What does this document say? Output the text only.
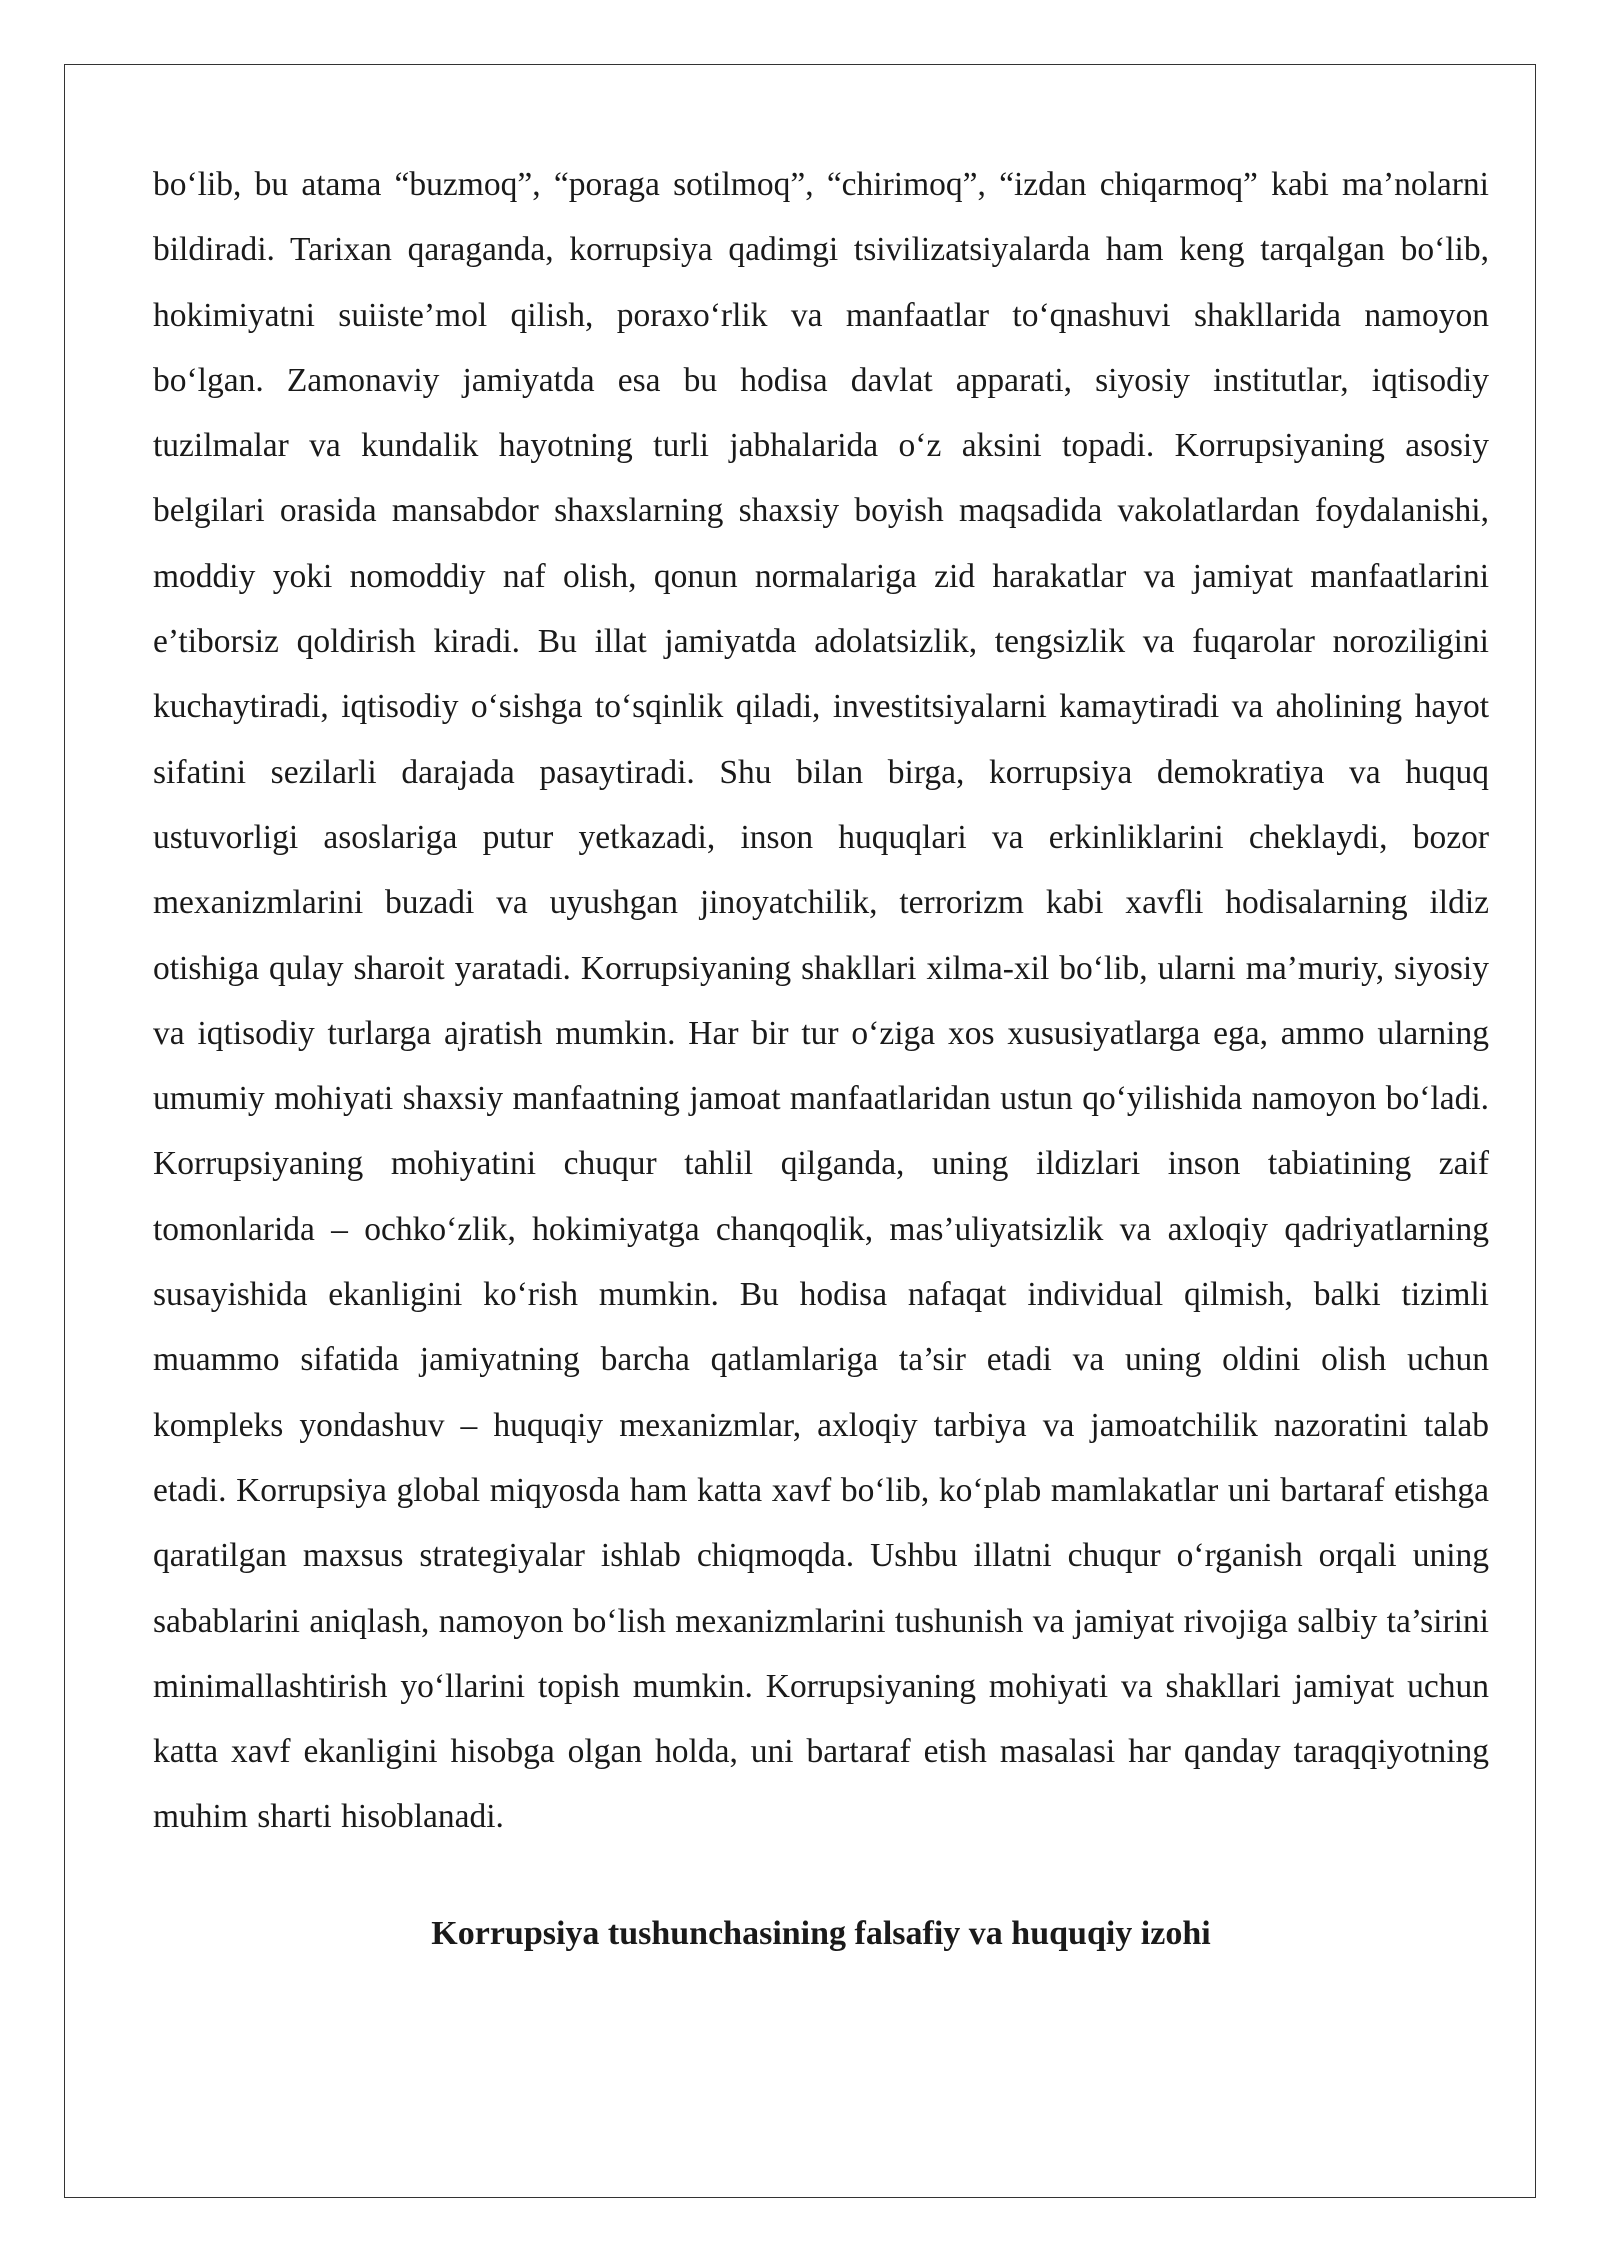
bo‘lib, bu atama “buzmoq”, “poraga sotilmoq”, “chirimoq”, “izdan chiqarmoq” kabi ma’nolarni bildiradi. Tarixan qaraganda, korrupsiya qadimgi tsivilizatsiyalarda ham keng tarqalgan bo‘lib, hokimiyatni suiiste’mol qilish, poraxo‘rlik va manfaatlar to‘qnashuvi shakllarida namoyon bo‘lgan. Zamonaviy jamiyatda esa bu hodisa davlat apparati, siyosiy institutlar, iqtisodiy tuzilmalar va kundalik hayotning turli jabhalarida o‘z aksini topadi. Korrupsiyaning asosiy belgilari orasida mansabdor shaxslarning shaxsiy boyish maqsadida vakolatlardan foydalanishi, moddiy yoki nomoddiy naf olish, qonun normalariga zid harakatlar va jamiyat manfaatlarini e’tiborsiz qoldirish kiradi. Bu illat jamiyatda adolatsizlik, tengsizlik va fuqarolar noroziligini kuchaytiradi, iqtisodiy o‘sishga to‘sqinlik qiladi, investitsiyalarni kamaytiradi va aholining hayot sifatini sezilarli darajada pasaytiradi. Shu bilan birga, korrupsiya demokratiya va huquq ustuvorligi asoslariga putur yetkazadi, inson huquqlari va erkinliklarini cheklaydi, bozor mexanizmlarini buzadi va uyushgan jinoyatchilik, terrorizm kabi xavfli hodisalarning ildiz otishiga qulay sharoit yaratadi. Korrupsiyaning shakllari xilma-xil bo‘lib, ularni ma’muriy, siyosiy va iqtisodiy turlarga ajratish mumkin. Har bir tur o‘ziga xos xususiyatlarga ega, ammo ularning umumiy mohiyati shaxsiy manfaatning jamoat manfaatlaridan ustun qo‘yilishida namoyon bo‘ladi. Korrupsiyaning mohiyatini chuqur tahlil qilganda, uning ildizlari inson tabiatining zaif tomonlarida – ochko‘zlik, hokimiyatga chanqoqlik, mas’uliyatsizlik va axloqiy qadriyatlarning susayishida ekanligini ko‘rish mumkin. Bu hodisa nafaqat individual qilmish, balki tizimli muammo sifatida jamiyatning barcha qatlamlariga ta’sir etadi va uning oldini olish uchun kompleks yondashuv – huquqiy mexanizmlar, axloqiy tarbiya va jamoatchilik nazoratini talab etadi. Korrupsiya global miqyosda ham katta xavf bo‘lib, ko‘plab mamlakatlar uni bartaraf etishga qaratilgan maxsus strategiyalar ishlab chiqmoqda. Ushbu illatni chuqur o‘rganish orqali uning sabablarini aniqlash, namoyon bo‘lish mexanizmlarini tushunish va jamiyat rivojiga salbiy ta’sirini minimallashtirish yo‘llarini topish mumkin. Korrupsiyaning mohiyati va shakllari jamiyat uchun katta xavf ekanligini hisobga olgan holda, uni bartaraf etish masalasi har qanday taraqqiyotning muhim sharti hisoblanadi.

Korrupsiya tushunchasining falsafiy va huquqiy izohi
